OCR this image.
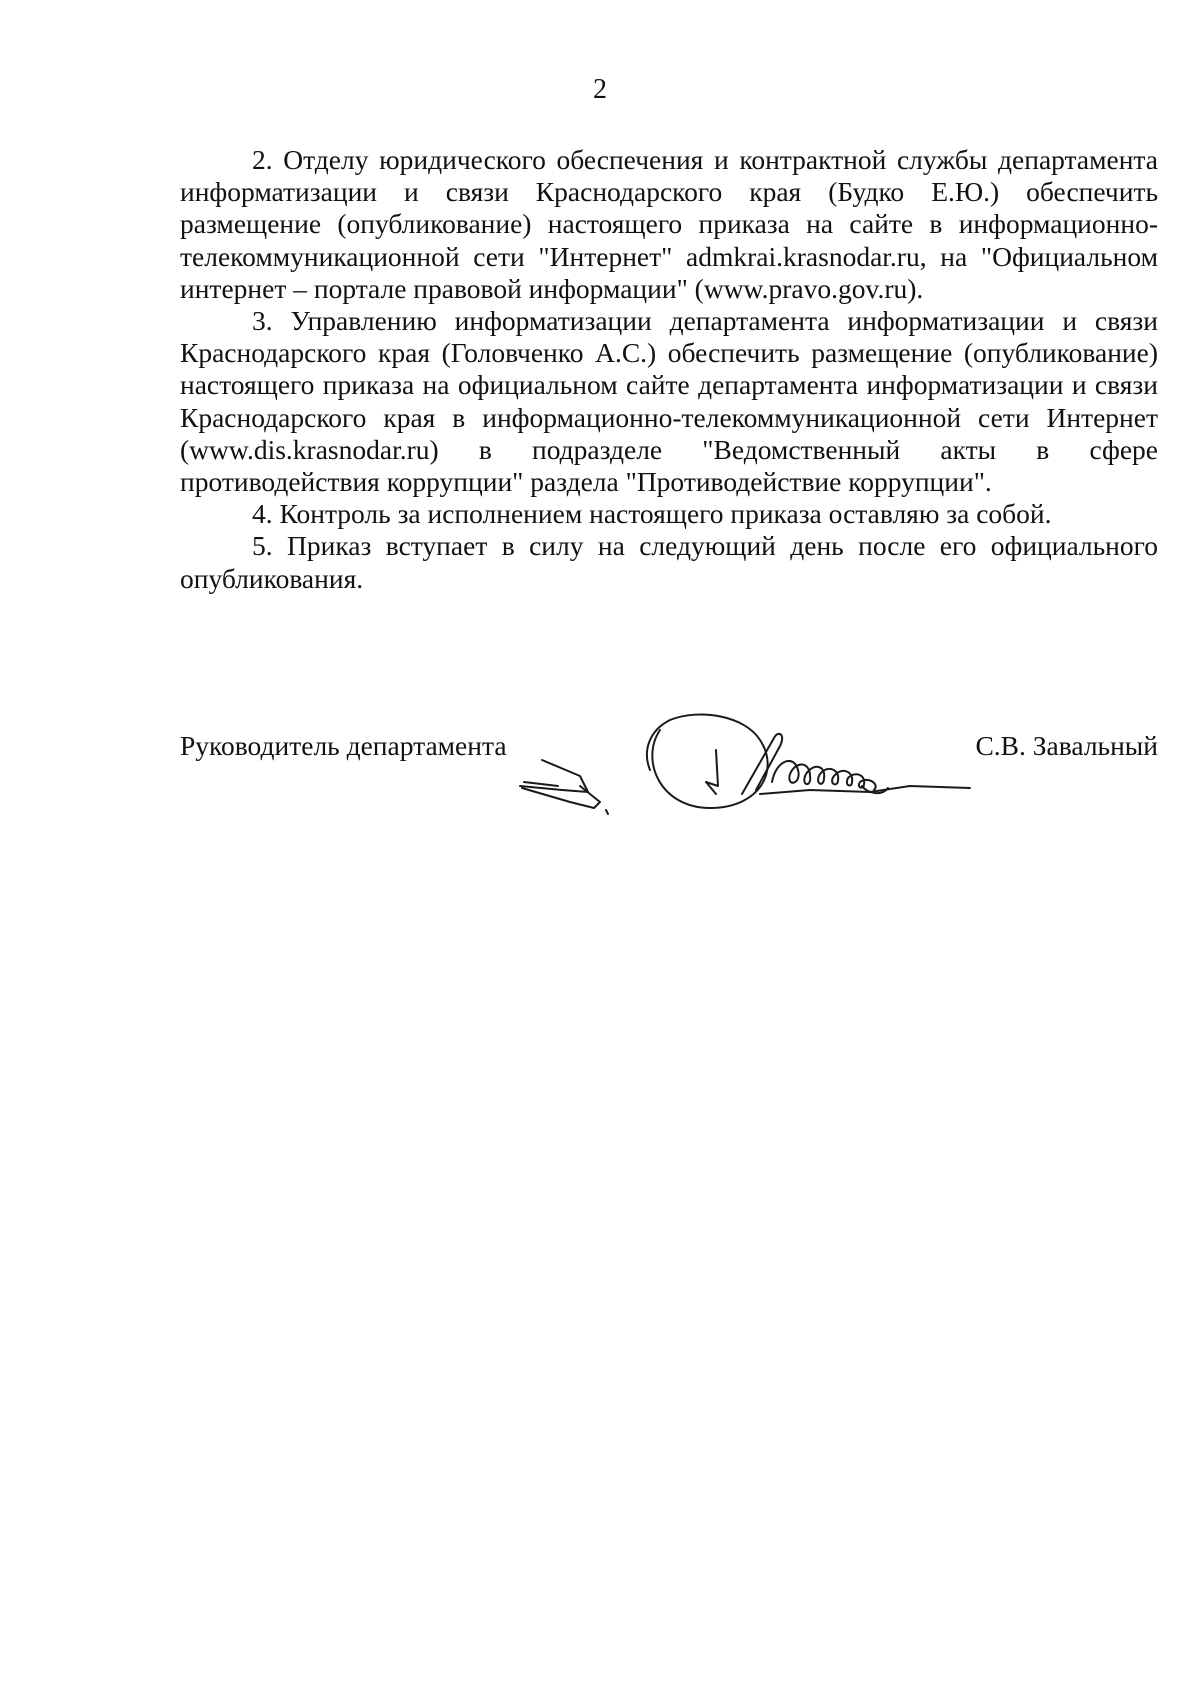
2

2. Отделу юридического обеспечения и контрактной службы департамента информатизации и связи Краснодарского края (Будко Е.Ю.) обеспечить размещение (опубликование) настоящего приказа на сайте в информационно-телекоммуникационной сети "Интернет" admkrai.krasnodar.ru, на "Официальном интернет – портале правовой информации" (www.pravo.gov.ru).

3. Управлению информатизации департамента информатизации и связи Краснодарского края (Головченко А.С.) обеспечить размещение (опубликование) настоящего приказа на официальном сайте департамента информатизации и связи Краснодарского края в информационно-телекоммуникационной сети Интернет (www.dis.krasnodar.ru) в подразделе "Ведомственный акты в сфере противодействия коррупции" раздела "Противодействие коррупции".

4. Контроль за исполнением настоящего приказа оставляю за собой.

5. Приказ вступает в силу на следующий день после его официального опубликования.

Руководитель департамента	С.В. Завальный
